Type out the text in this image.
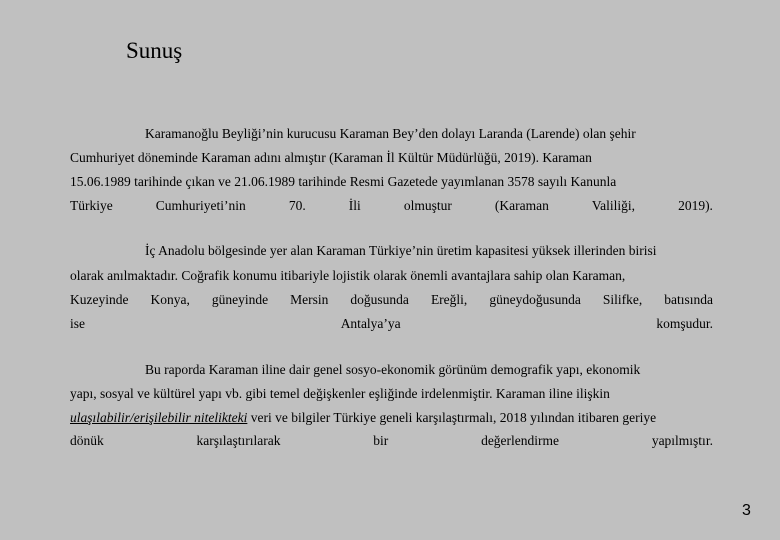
Sunuş
Karamanoğlu Beyliği’nin kurucusu Karaman Bey’den dolayı Laranda (Larende) olan şehir
Cumhuriyet döneminde Karaman adını almıştır (Karaman İl Kültür Müdürlüğü, 2019). Karaman
15.06.1989 tarihinde çıkan ve 21.06.1989 tarihinde Resmi Gazetede yayımlanan 3578 sayılı Kanunla
Türkiye	Cumhuriyeti’nin	70.	İli	olmuştur	(Karaman	Valiliği,	2019).
İç Anadolu bölgesinde yer alan Karaman Türkiye’nin üretim kapasitesi yüksek illerinden birisi
olarak anılmaktadır. Coğrafik konumu itibariyle lojistik olarak önemli avantajlara sahip olan Karaman,
Kuzeyinde Konya, güneyinde Mersin doğusunda Ereğli, güneydoğusunda Silifke, batısında
ise	Antalya’ya	komşudur.
Bu raporda Karaman iline dair genel sosyo-ekonomik görünüm demografik yapı, ekonomik
yapı, sosyal ve kültürel yapı vb. gibi temel değişkenler eşliğinde irdelenmiştir. Karaman iline ilişkin
ulaşılabilir/erişilebilir nitelikteki veri ve bilgiler Türkiye geneli karşılaştırmalı, 2018 yılından itibaren geriye
dönük	karşılaştırılarak	bir	değerlendirme	yapılmıştır.
3
